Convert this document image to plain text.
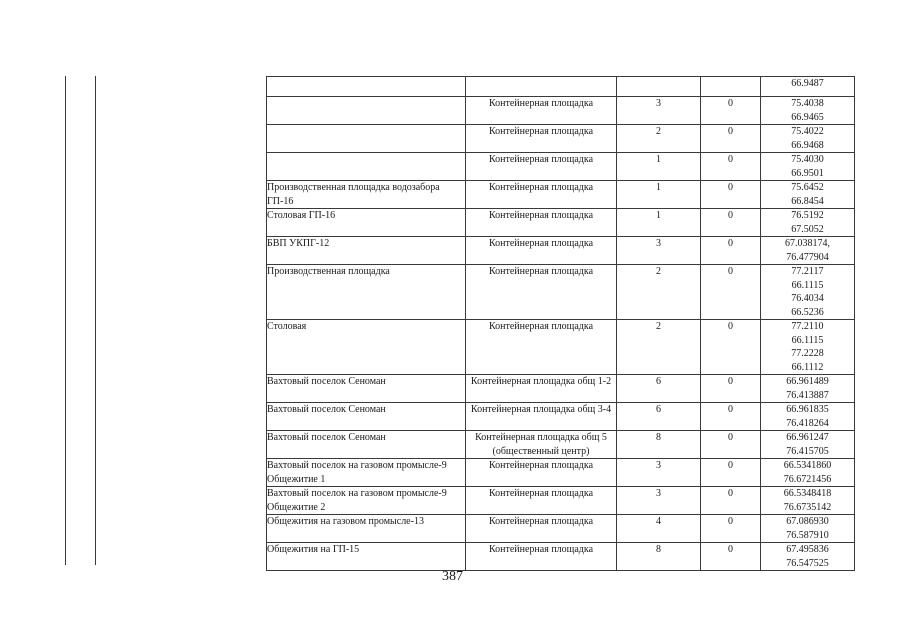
				66.9487

	Контейнерная площадка	3	0	75.4038
66.9465

	Контейнерная площадка	2	0	75.4022
66.9468

	Контейнерная площадка	1	0	75.4030
66.9501

Производственная площадка водозабора ГП-16	Контейнерная площадка	1	0	75.6452
66.8454

Столовая ГП-16	Контейнерная площадка	1	0	76.5192
67.5052

БВП УКПГ-12	Контейнерная площадка	3	0	67.038174,
76.477904

Производственная площадка	Контейнерная площадка	2	0	77.2117
66.1115
76.4034
66.5236

Столовая	Контейнерная площадка	2	0	77.2110
66.1115
77.2228
66.1112

Вахтовый поселок Сеноман	Контейнерная площадка общ 1-2	6	0	66.961489
76.413887

Вахтовый поселок Сеноман	Контейнерная площадка общ 3-4	6	0	66.961835
76.418264

Вахтовый поселок Сеноман	Контейнерная площадка общ 5 (общественный центр)	8	0	66.961247
76.415705

Вахтовый поселок на газовом промысле-9 Общежитие 1	Контейнерная площадка	3	0	66.5341860
76.6721456

Вахтовый поселок на газовом промысле-9 Общежитие 2	Контейнерная площадка	3	0	66.5348418
76.6735142

Общежития на газовом промысле-13	Контейнерная площадка	4	0	67.086930
76.587910

Общежития на ГП-15	Контейнерная площадка	8	0	67.495836
76.547525
387
